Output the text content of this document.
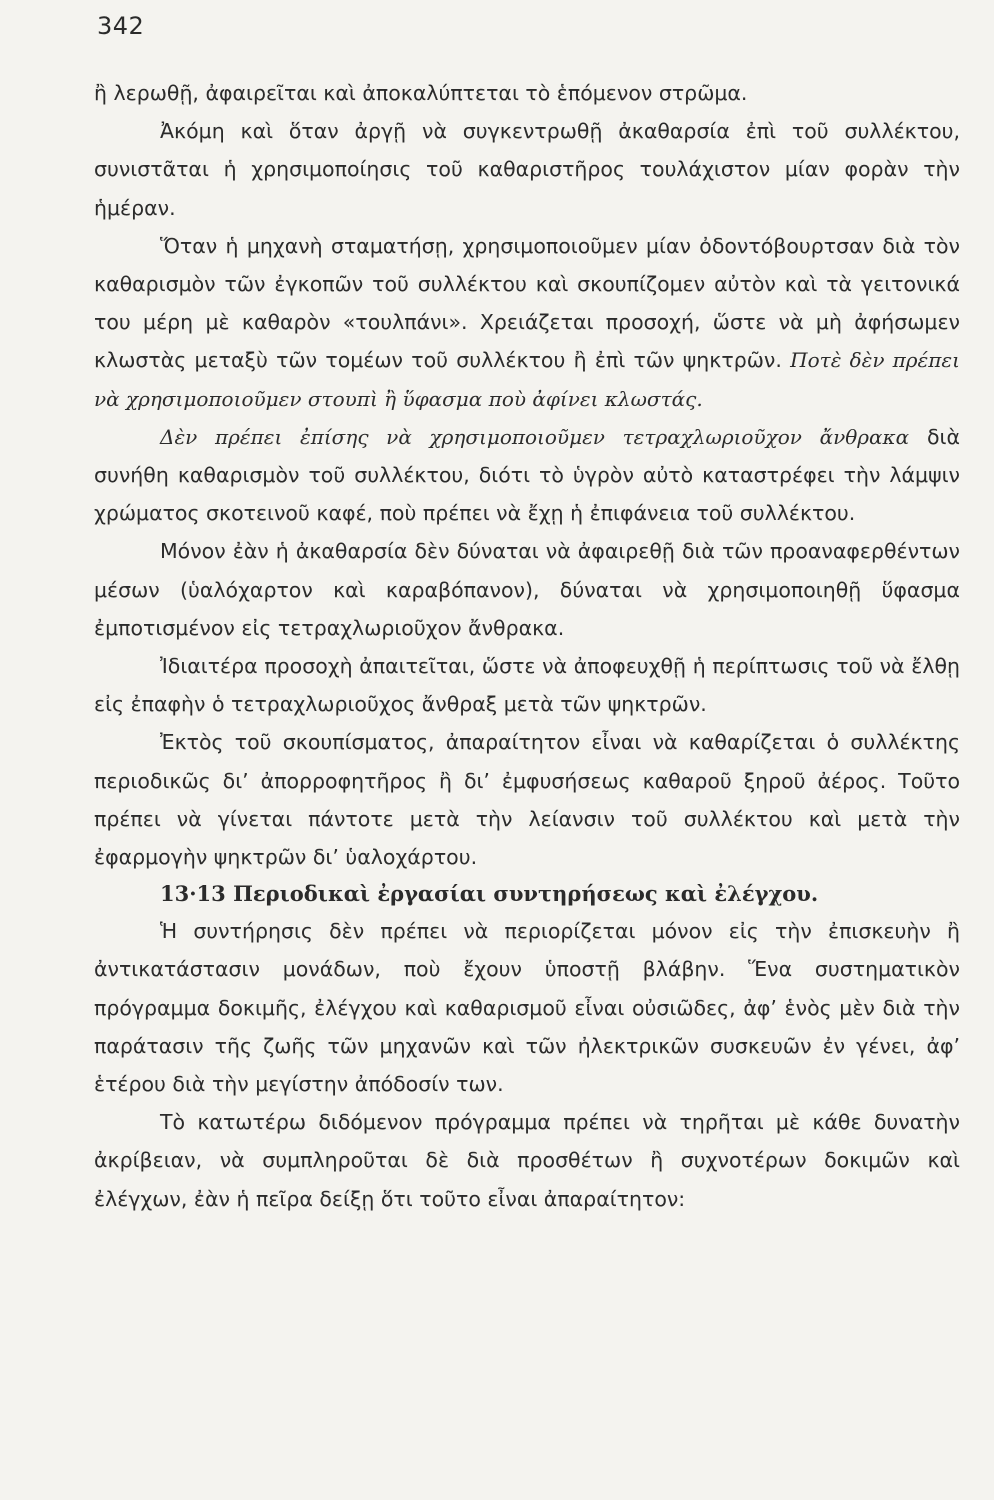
342

ἢ λερωθῇ, ἀφαιρεῖται καὶ ἀποκαλύπτεται τὸ ἑπόμενον στρῶμα.

Ἀκόμη καὶ ὅταν ἀργῇ νὰ συγκεντρωθῇ ἀκαθαρσία ἐπὶ τοῦ συλλέκτου, συνιστᾶται ἡ χρησιμοποίησις τοῦ καθαριστῆρος τουλάχιστον μίαν φορὰν τὴν ἡμέραν.

Ὅταν ἡ μηχανὴ σταματήσῃ, χρησιμοποιοῦμεν μίαν ὀδοντόβουρτσαν διὰ τὸν καθαρισμὸν τῶν ἐγκοπῶν τοῦ συλλέκτου καὶ σκουπίζομεν αὐτὸν καὶ τὰ γειτονικά του μέρη μὲ καθαρὸν «τουλπάνι». Χρειάζεται προσοχή, ὥστε νὰ μὴ ἀφήσωμεν κλωστὰς μεταξὺ τῶν τομέων τοῦ συλλέκτου ἢ ἐπὶ τῶν ψηκτρῶν. Ποτὲ δὲν πρέπει νὰ χρησιμοποιοῦμεν στουπὶ ἢ ὕφασμα ποὺ ἀφίνει κλωστάς.

Δὲν πρέπει ἐπίσης νὰ χρησιμοποιοῦμεν τετραχλωριοῦχον ἄνθρακα διὰ συνήθη καθαρισμὸν τοῦ συλλέκτου, διότι τὸ ὑγρὸν αὐτὸ καταστρέφει τὴν λάμψιν χρώματος σκοτεινοῦ καφέ, ποὺ πρέπει νὰ ἔχῃ ἡ ἐπιφάνεια τοῦ συλλέκτου.

Μόνον ἐὰν ἡ ἀκαθαρσία δὲν δύναται νὰ ἀφαιρεθῇ διὰ τῶν προαναφερθέντων μέσων (ὑαλόχαρτον καὶ καραβόπανον), δύναται νὰ χρησιμοποιηθῇ ὕφασμα ἐμποτισμένον εἰς τετραχλωριοῦχον ἄνθρακα.

Ἰδιαιτέρα προσοχὴ ἀπαιτεῖται, ὥστε νὰ ἀποφευχθῇ ἡ περίπτωσις τοῦ νὰ ἔλθῃ εἰς ἐπαφὴν ὁ τετραχλωριοῦχος ἄνθραξ μετὰ τῶν ψηκτρῶν.

Ἐκτὸς τοῦ σκουπίσματος, ἀπαραίτητον εἶναι νὰ καθαρίζεται ὁ συλλέκτης περιοδικῶς δι’ ἀπορροφητῆρος ἢ δι’ ἐμφυσήσεως καθαροῦ ξηροῦ ἀέρος. Τοῦτο πρέπει νὰ γίνεται πάντοτε μετὰ τὴν λείανσιν τοῦ συλλέκτου καὶ μετὰ τὴν ἐφαρμογὴν ψηκτρῶν δι’ ὑαλοχάρτου.

13·13 Περιοδικαὶ ἐργασίαι συντηρήσεως καὶ ἐλέγχου.

Ἡ συντήρησις δὲν πρέπει νὰ περιορίζεται μόνον εἰς τὴν ἐπισκευὴν ἢ ἀντικατάστασιν μονάδων, ποὺ ἔχουν ὑποστῇ βλάβην. Ἕνα συστηματικὸν πρόγραμμα δοκιμῆς, ἐλέγχου καὶ καθαρισμοῦ εἶναι οὐσιῶδες, ἀφ’ ἑνὸς μὲν διὰ τὴν παράτασιν τῆς ζωῆς τῶν μηχανῶν καὶ τῶν ἠλεκτρικῶν συσκευῶν ἐν γένει, ἀφ’ ἑτέρου διὰ τὴν μεγίστην ἀπόδοσίν των.

Τὸ κατωτέρω διδόμενον πρόγραμμα πρέπει νὰ τηρῆται μὲ κάθε δυνατὴν ἀκρίβειαν, νὰ συμπληροῦται δὲ διὰ προσθέτων ἢ συχνοτέρων δοκιμῶν καὶ ἐλέγχων, ἐὰν ἡ πεῖρα δείξῃ ὅτι τοῦτο εἶναι ἀπαραίτητον:
